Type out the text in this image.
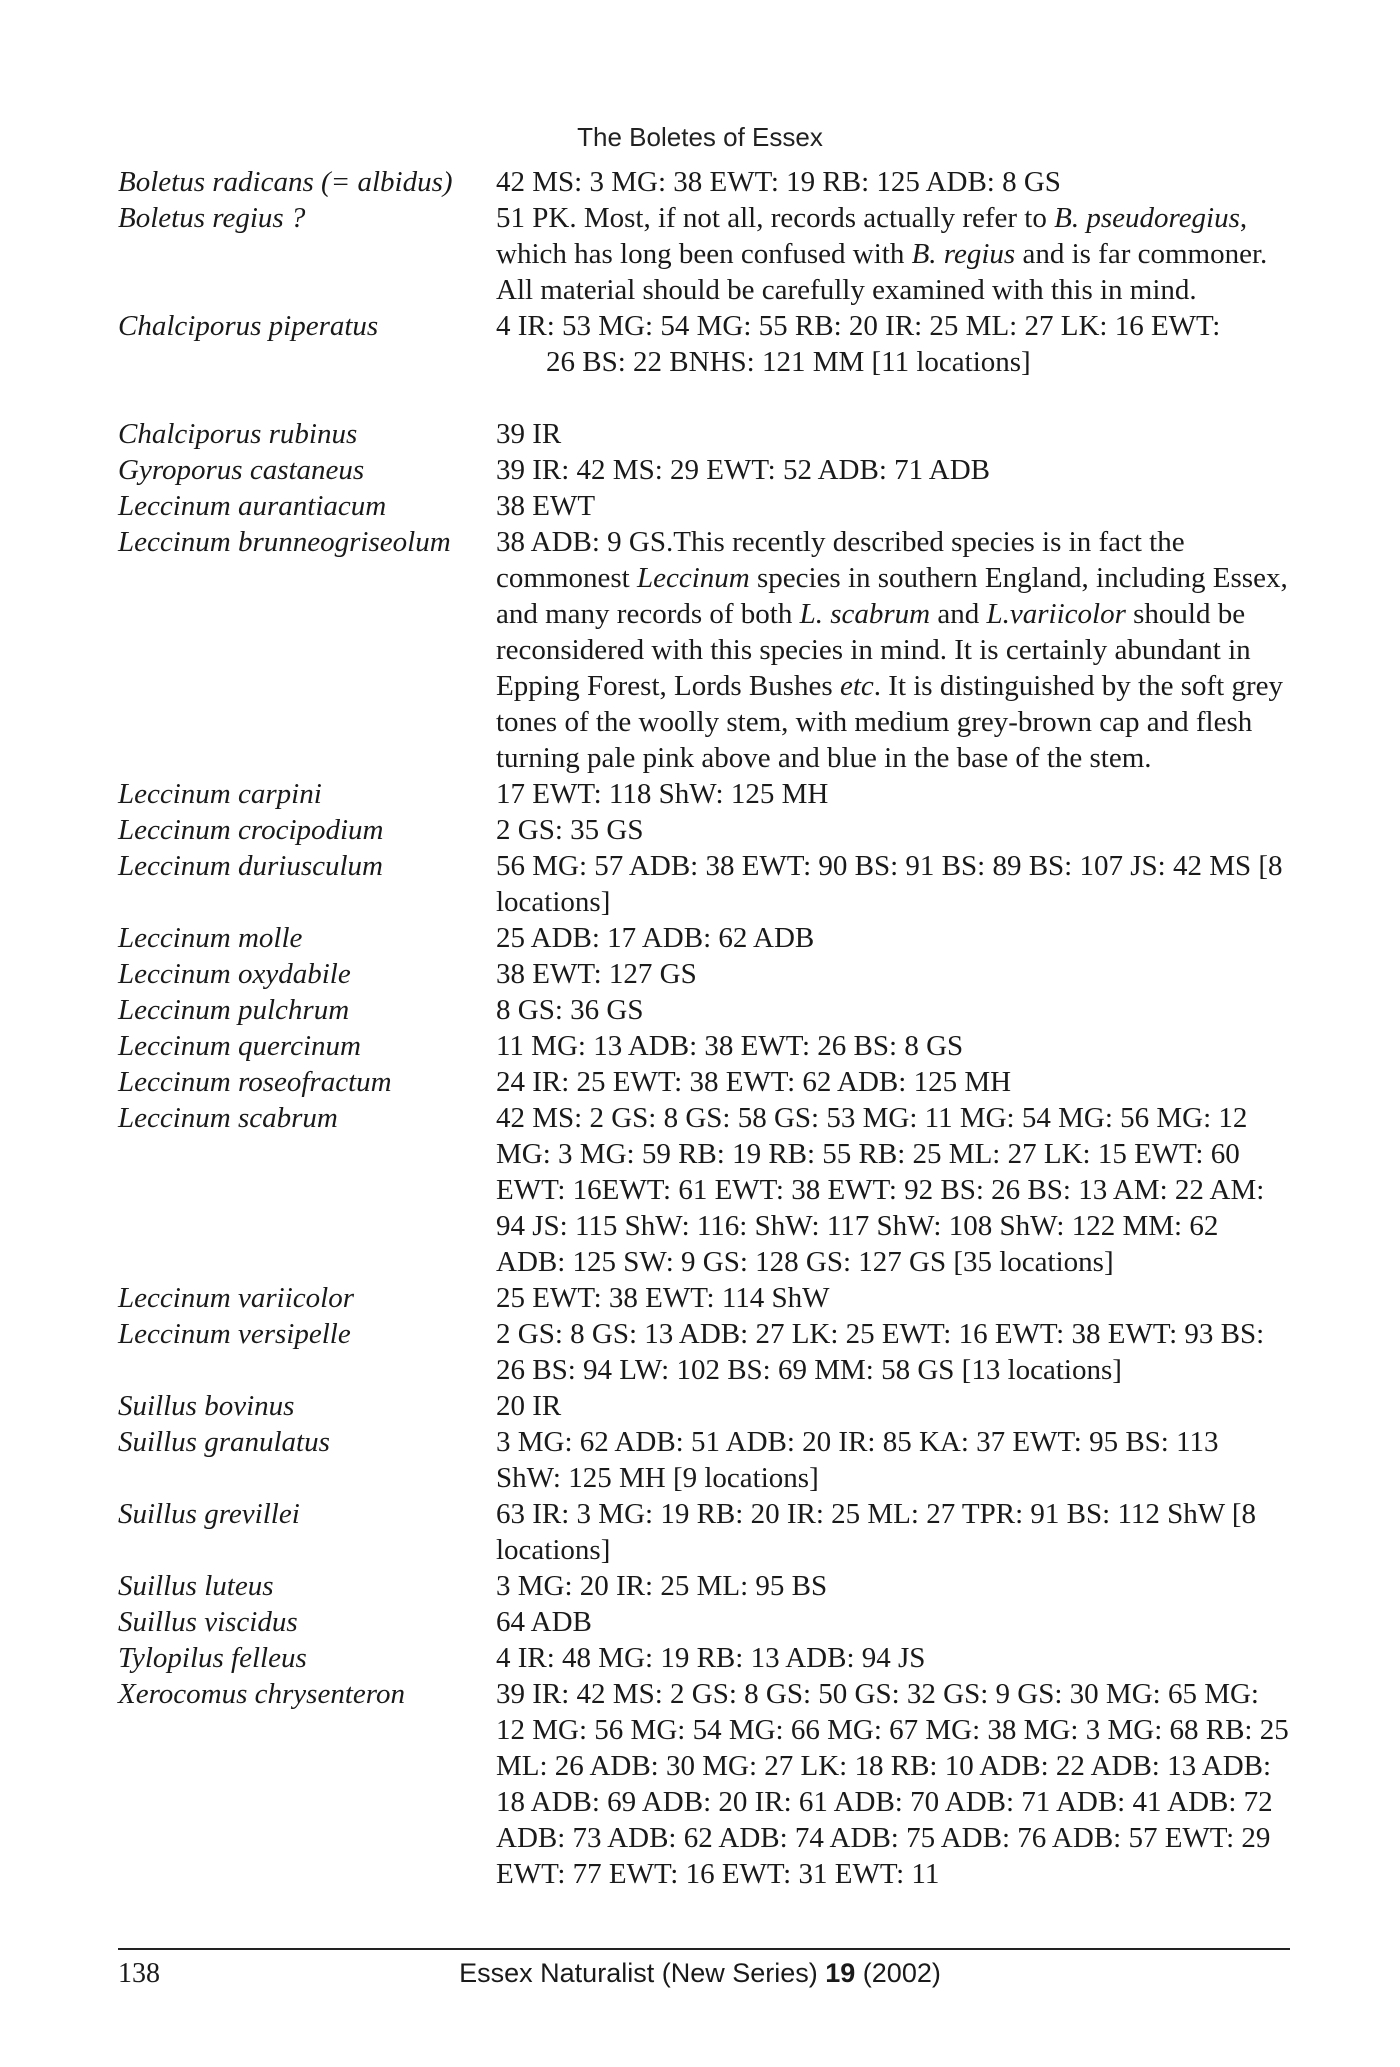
The Boletes of Essex
Boletus radicans (= albidus)	42 MS: 3 MG: 38 EWT: 19 RB: 125 ADB: 8 GS
Boletus regius ?	51 PK. Most, if not all, records actually refer to B. pseudoregius, which has long been confused with B. regius and is far commoner. All material should be carefully examined with this in mind.
Chalciporus piperatus	4 IR: 53 MG: 54 MG: 55 RB: 20 IR: 25 ML: 27 LK: 16 EWT:
26 BS: 22 BNHS: 121 MM [11 locations]
Chalciporus rubinus	39 IR
Gyroporus castaneus	39 IR: 42 MS: 29 EWT: 52 ADB: 71 ADB
Leccinum aurantiacum	38 EWT
Leccinum brunneogriseolum	38 ADB: 9 GS.This recently described species is in fact the commonest Leccinum species in southern England, including Essex, and many records of both L. scabrum and L.variicolor should be reconsidered with this species in mind. It is certainly abundant in Epping Forest, Lords Bushes etc. It is distinguished by the soft grey tones of the woolly stem, with medium grey-brown cap and flesh turning pale pink above and blue in the base of the stem.
Leccinum carpini	17 EWT: 118 ShW: 125 MH
Leccinum crocipodium	2 GS: 35 GS
Leccinum duriusculum	56 MG: 57 ADB: 38 EWT: 90 BS: 91 BS: 89 BS: 107 JS: 42 MS [8 locations]
Leccinum molle	25 ADB: 17 ADB: 62 ADB
Leccinum oxydabile	38 EWT: 127 GS
Leccinum pulchrum	8 GS: 36 GS
Leccinum quercinum	11 MG: 13 ADB: 38 EWT: 26 BS: 8 GS
Leccinum roseofractum	24 IR: 25 EWT: 38 EWT: 62 ADB: 125 MH
Leccinum scabrum	42 MS: 2 GS: 8 GS: 58 GS: 53 MG: 11 MG: 54 MG: 56 MG: 12 MG: 3 MG: 59 RB: 19 RB: 55 RB: 25 ML: 27 LK: 15 EWT: 60 EWT: 16EWT: 61 EWT: 38 EWT: 92 BS: 26 BS: 13 AM: 22 AM: 94 JS: 115 ShW: 116: ShW: 117 ShW: 108 ShW: 122 MM: 62 ADB: 125 SW: 9 GS: 128 GS: 127 GS [35 locations]
Leccinum variicolor	25 EWT: 38 EWT: 114 ShW
Leccinum versipelle	2 GS: 8 GS: 13 ADB: 27 LK: 25 EWT: 16 EWT: 38 EWT: 93 BS: 26 BS: 94 LW: 102 BS: 69 MM: 58 GS [13 locations]
Suillus bovinus	20 IR
Suillus granulatus	3 MG: 62 ADB: 51 ADB: 20 IR: 85 KA: 37 EWT: 95 BS: 113 ShW: 125 MH [9 locations]
Suillus grevillei	63 IR: 3 MG: 19 RB: 20 IR: 25 ML: 27 TPR: 91 BS: 112 ShW [8 locations]
Suillus luteus	3 MG: 20 IR: 25 ML: 95 BS
Suillus viscidus	64 ADB
Tylopilus felleus	4 IR: 48 MG: 19 RB: 13 ADB: 94 JS
Xerocomus chrysenteron	39 IR: 42 MS: 2 GS: 8 GS: 50 GS: 32 GS: 9 GS: 30 MG: 65 MG: 12 MG: 56 MG: 54 MG: 66 MG: 67 MG: 38 MG: 3 MG: 68 RB: 25 ML: 26 ADB: 30 MG: 27 LK: 18 RB: 10 ADB: 22 ADB: 13 ADB: 18 ADB: 69 ADB: 20 IR: 61 ADB: 70 ADB: 71 ADB: 41 ADB: 72 ADB: 73 ADB: 62 ADB: 74 ADB: 75 ADB: 76 ADB: 57 EWT: 29 EWT: 77 EWT: 16 EWT: 31 EWT: 11
138	Essex Naturalist (New Series) 19 (2002)
